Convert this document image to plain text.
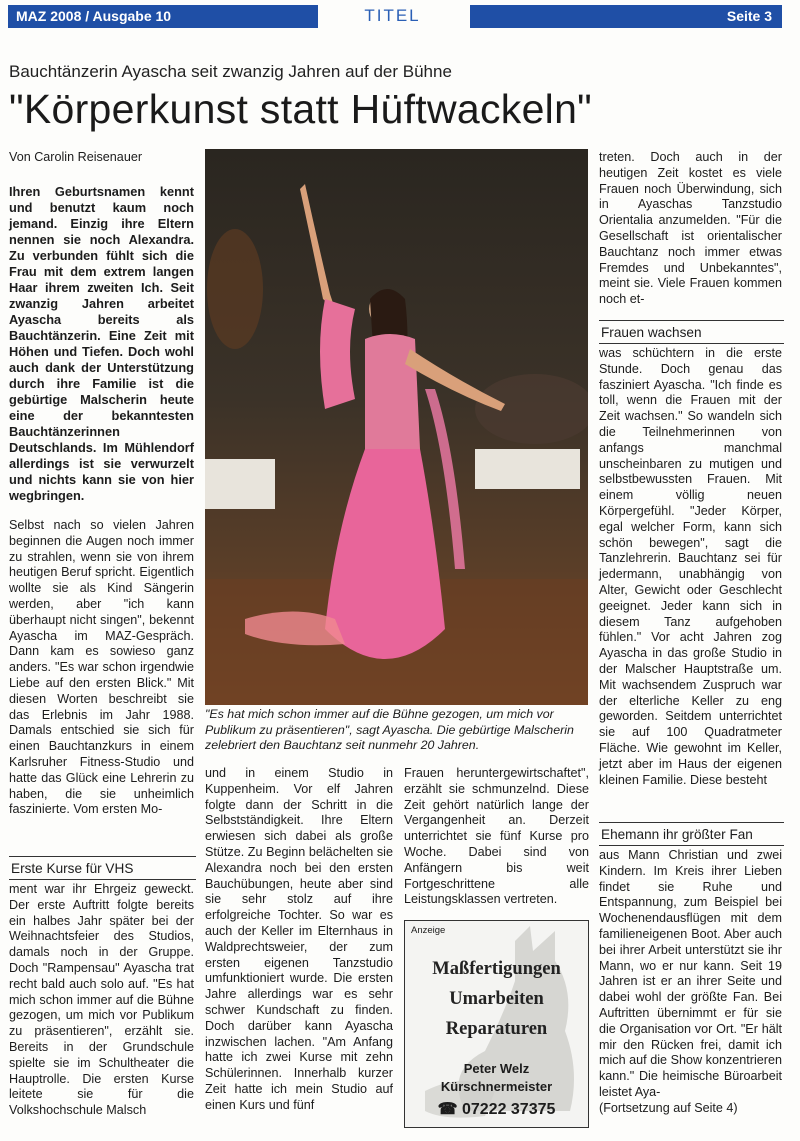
MAZ 2008 / Ausgabe 10	TITEL	Seite 3
Bauchtänzerin Ayascha seit zwanzig Jahren auf der Bühne
"Körperkunst statt Hüftwackeln"
Von Carolin Reisenauer

Ihren Geburtsnamen kennt und benutzt kaum noch jemand. Einzig ihre Eltern nennen sie noch Alexandra. Zu verbunden fühlt sich die Frau mit dem extrem langen Haar ihrem zweiten Ich. Seit zwanzig Jahren arbeitet Ayascha bereits als Bauchtänzerin. Eine Zeit mit Höhen und Tiefen. Doch wohl auch dank der Unterstützung durch ihre Familie ist die gebürtige Malscherin heute eine der bekanntesten Bauchtänzerinnen Deutschlands. Im Mühlendorf allerdings ist sie verwurzelt und nichts kann sie von hier wegbringen.

Selbst nach so vielen Jahren beginnen die Augen noch immer zu strahlen, wenn sie von ihrem heutigen Beruf spricht. Eigentlich wollte sie als Kind Sängerin werden, aber "ich kann überhaupt nicht singen", bekennt Ayascha im MAZ-Gespräch. Dann kam es sowieso ganz anders. "Es war schon irgendwie Liebe auf den ersten Blick." Mit diesen Worten beschreibt sie das Erlebnis im Jahr 1988. Damals entschied sie sich für einen Bauchtanzkurs in einem Karlsruher Fitness-Studio und hatte das Glück eine Lehrerin zu haben, die sie unheimlich faszinierte. Vom ersten Mo-

Erste Kurse für VHS

ment war ihr Ehrgeiz geweckt. Der erste Auftritt folgte bereits ein halbes Jahr später bei der Weihnachtsfeier des Studios, damals noch in der Gruppe. Doch "Rampensau" Ayascha trat recht bald auch solo auf. "Es hat mich schon immer auf die Bühne gezogen, um mich vor Publikum zu präsentieren", erzählt sie. Bereits in der Grundschule spielte sie im Schultheater die Hauptrolle. Die ersten Kurse leitete sie für die Volkshochschule Malsch

"Es hat mich schon immer auf die Bühne gezogen, um mich vor Publikum zu präsentieren", sagt Ayascha. Die gebürtige Malscherin zelebriert den Bauchtanz seit nunmehr 20 Jahren.

und in einem Studio in Kuppenheim. Vor elf Jahren folgte dann der Schritt in die Selbstständigkeit. Ihre Eltern erwiesen sich dabei als große Stütze. Zu Beginn belächelten sie Alexandra noch bei den ersten Bauchübungen, heute aber sind sie sehr stolz auf ihre erfolgreiche Tochter. So war es auch der Keller im Elternhaus in Waldprechtsweier, der zum ersten eigenen Tanzstudio umfunktioniert wurde. Die ersten Jahre allerdings war es sehr schwer Kundschaft zu finden. Doch darüber kann Ayascha inzwischen lachen. "Am Anfang hatte ich zwei Kurse mit zehn Schülerinnen. Innerhalb kurzer Zeit hatte ich mein Studio auf einen Kurs und fünf

Frauen heruntergewirtschaftet", erzählt sie schmunzelnd. Diese Zeit gehört natürlich lange der Vergangenheit an. Derzeit unterrichtet sie fünf Kurse pro Woche. Dabei sind von Anfängern bis weit Fortgeschrittene alle Leistungsklassen vertreten.

Anzeige
Maßfertigungen
Umarbeiten
Reparaturen
Peter Welz
Kürschnermeister
☎ 07222 37375

treten. Doch auch in der heutigen Zeit kostet es viele Frauen noch Überwindung, sich in Ayaschas Tanzstudio Orientalia anzumelden. "Für die Gesellschaft ist orientalischer Bauchtanz noch immer etwas Fremdes und Unbekanntes", meint sie. Viele Frauen kommen noch et-

Frauen wachsen

was schüchtern in die erste Stunde. Doch genau das fasziniert Ayascha. "Ich finde es toll, wenn die Frauen mit der Zeit wachsen." So wandeln sich die Teilnehmerinnen von anfangs manchmal unscheinbaren zu mutigen und selbstbewussten Frauen. Mit einem völlig neuen Körpergefühl. "Jeder Körper, egal welcher Form, kann sich schön bewegen", sagt die Tanzlehrerin. Bauchtanz sei für jedermann, unabhängig von Alter, Gewicht oder Geschlecht geeignet. Jeder kann sich in diesem Tanz aufgehoben fühlen." Vor acht Jahren zog Ayascha in das große Studio in der Malscher Hauptstraße um. Mit wachsendem Zuspruch war der elterliche Keller zu eng geworden. Seitdem unterrichtet sie auf 100 Quadratmeter Fläche. Wie gewohnt im Keller, jetzt aber im Haus der eigenen kleinen Familie. Diese besteht

Ehemann ihr größter Fan

aus Mann Christian und zwei Kindern. Im Kreis ihrer Lieben findet sie Ruhe und Entspannung, zum Beispiel bei Wochenendausflügen mit dem familieneigenen Boot. Aber auch bei ihrer Arbeit unterstützt sie ihr Mann, wo er nur kann. Seit 19 Jahren ist er an ihrer Seite und dabei wohl der größte Fan. Bei Auftritten übernimmt er für sie die Organisation vor Ort. "Er hält mir den Rücken frei, damit ich mich auf die Show konzentrieren kann." Die heimische Büroarbeit leistet Aya-

(Fortsetzung auf Seite 4)
